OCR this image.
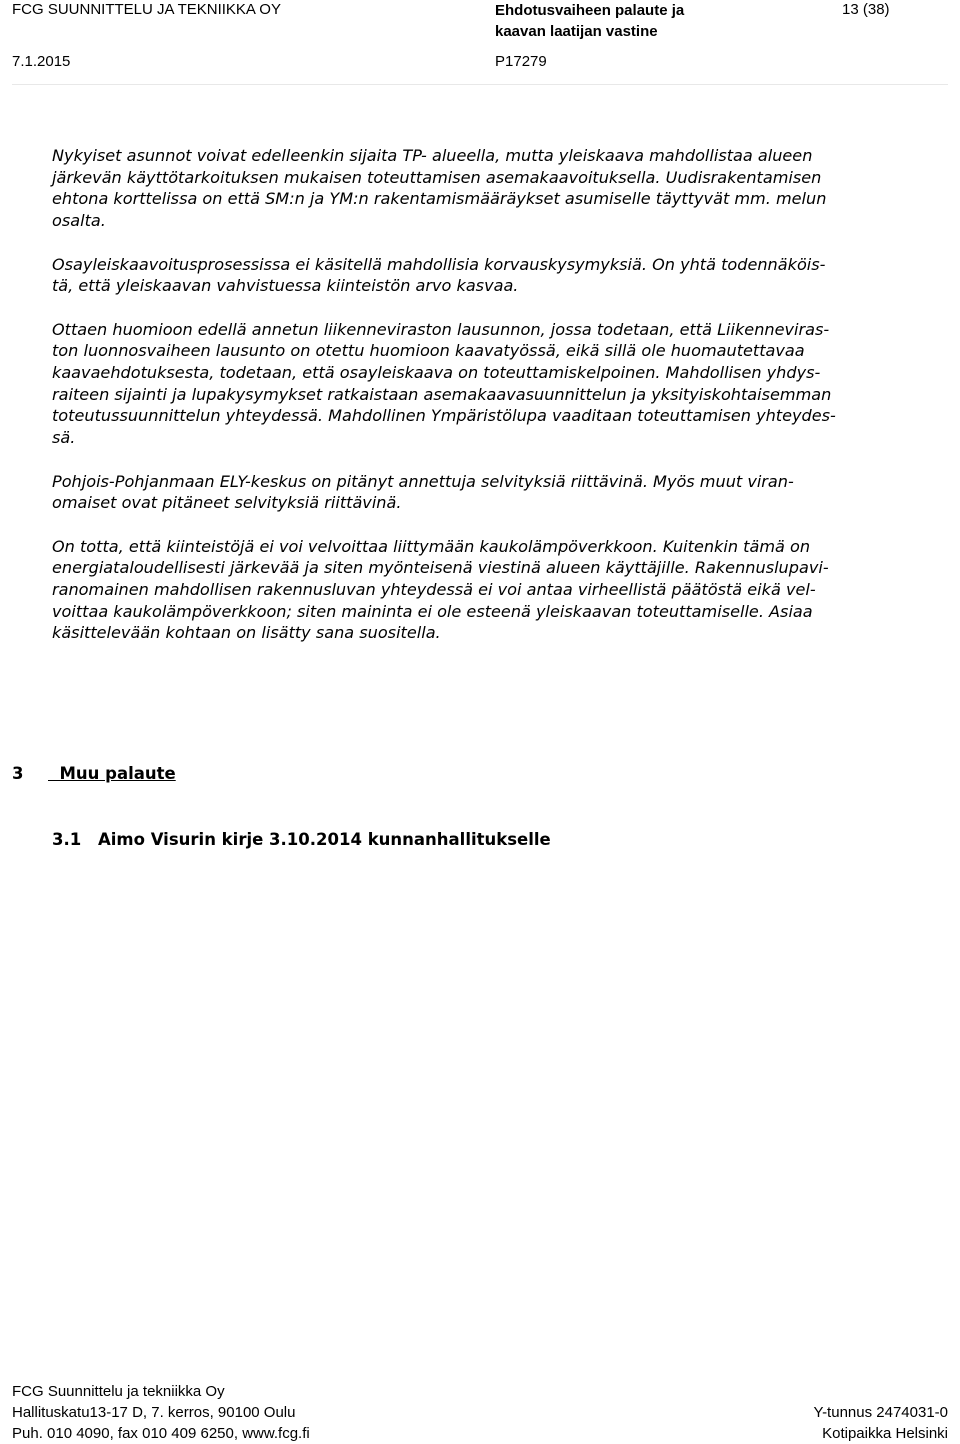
FCG SUUNNITTELU JA TEKNIIKKA OY
7.1.2015
Ehdotusvaiheen palaute ja
kaavan laatijan vastine
13 (38)
P17279

Nykyiset asunnot voivat edelleenkin sijaita TP- alueella, mutta yleiskaava mahdollistaa alueen

järkevän käyttötarkoituksen mukaisen toteuttamisen asemakaavoituksella. Uudisrakentamisen

ehtona korttelissa on että SM:n ja YM:n rakentamismääräykset asumiselle täyttyvät mm. melun

osalta.

Osayleiskaavoitusprosessissa ei käsitellä mahdollisia korvauskysymyksiä. On yhtä todennäköis-

tä, että yleiskaavan vahvistuessa kiinteistön arvo kasvaa.

Ottaen huomioon edellä annetun liikenneviraston lausunnon, jossa todetaan, että Liikenneviras-

ton luonnosvaiheen lausunto on otettu huomioon kaavatyössä, eikä sillä ole huomautettavaa

kaavaehdotuksesta, todetaan, että osayleiskaava on toteuttamiskelpoinen. Mahdollisen yhdys-

raiteen sijainti ja lupakysymykset ratkaistaan asemakaavasuunnittelun ja yksityiskohtaisemman

toteutussuunnittelun yhteydessä. Mahdollinen Ympäristölupa vaaditaan toteuttamisen yhteydes-

sä.

Pohjois-Pohjanmaan ELY-keskus on pitänyt annettuja selvityksiä riittävinä. Myös muut viran-

omaiset ovat pitäneet selvityksiä riittävinä.

On totta, että kiinteistöjä ei voi velvoittaa liittymään kaukolämpöverkkoon. Kuitenkin tämä on

energiataloudellisesti järkevää ja siten myönteisenä viestinä alueen käyttäjille. Rakennuslupavi-

ranomainen mahdollisen rakennusluvan yhteydessä ei voi antaa virheellistä päätöstä eikä vel-

voittaa kaukolämpöverkkoon; siten maininta ei ole esteenä yleiskaavan toteuttamiselle. Asiaa

käsittelevään kohtaan on lisätty sana suositella.

3 Muu palaute
3.1 Aimo Visurin kirje 3.10.2014 kunnanhallitukselle
FCG Suunnittelu ja tekniikka Oy
Hallituskatu13-17 D, 7. kerros, 90100 Oulu
Puh. 010 4090, fax 010 409 6250, www.fcg.fi
Y-tunnus 2474031-0
Kotipaikka Helsinki
